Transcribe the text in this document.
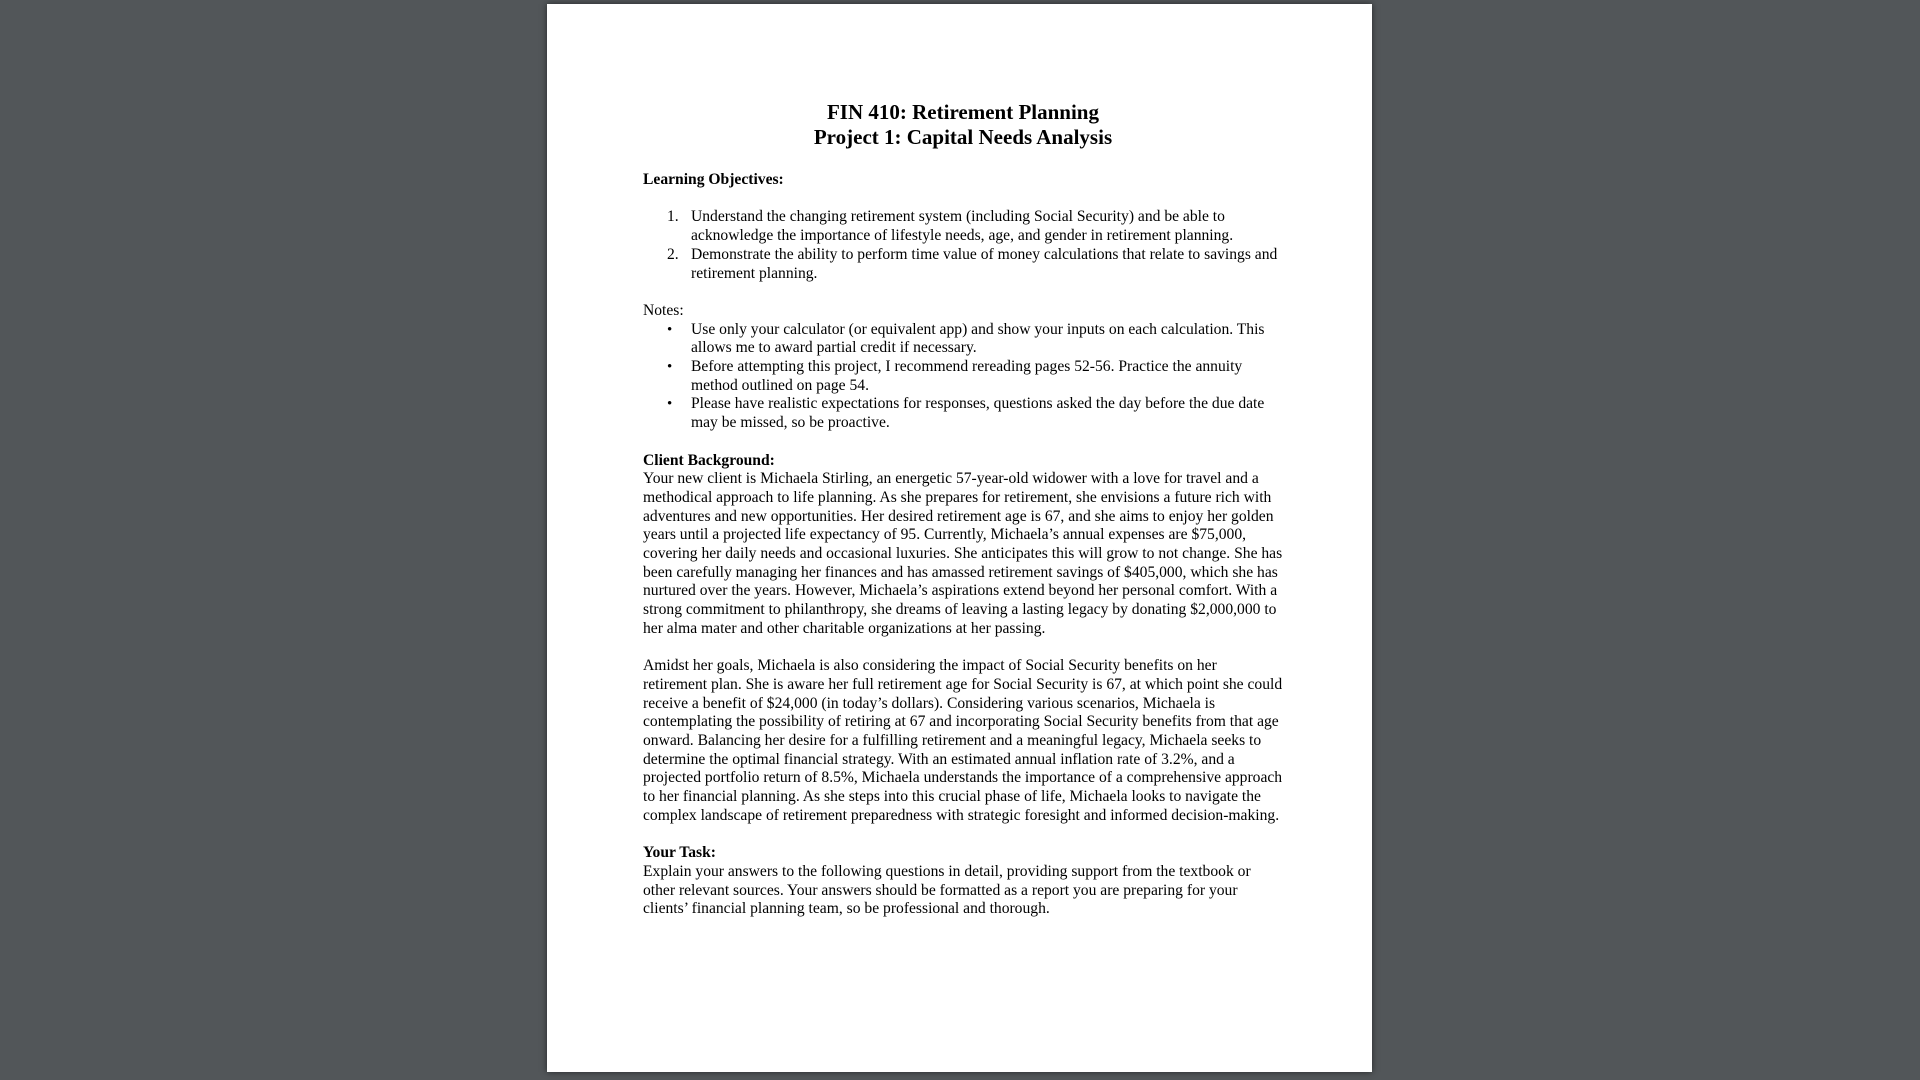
FIN 410: Retirement Planning

Project 1: Capital Needs Analysis

Learning Objectives:

1. Understand the changing retirement system (including Social Security) and be able to acknowledge the importance of lifestyle needs, age, and gender in retirement planning.
2. Demonstrate the ability to perform time value of money calculations that relate to savings and retirement planning.

Notes:

• Use only your calculator (or equivalent app) and show your inputs on each calculation. This allows me to award partial credit if necessary.
• Before attempting this project, I recommend rereading pages 52-56. Practice the annuity method outlined on page 54.
• Please have realistic expectations for responses, questions asked the day before the due date may be missed, so be proactive.

Client Background:

Your new client is Michaela Stirling, an energetic 57-year-old widower with a love for travel and a methodical approach to life planning. As she prepares for retirement, she envisions a future rich with adventures and new opportunities. Her desired retirement age is 67, and she aims to enjoy her golden years until a projected life expectancy of 95. Currently, Michaela’s annual expenses are $75,000, covering her daily needs and occasional luxuries. She anticipates this will grow to not change. She has been carefully managing her finances and has amassed retirement savings of $405,000, which she has nurtured over the years. However, Michaela’s aspirations extend beyond her personal comfort. With a strong commitment to philanthropy, she dreams of leaving a lasting legacy by donating $2,000,000 to her alma mater and other charitable organizations at her passing.

Amidst her goals, Michaela is also considering the impact of Social Security benefits on her retirement plan. She is aware her full retirement age for Social Security is 67, at which point she could receive a benefit of $24,000 (in today’s dollars). Considering various scenarios, Michaela is contemplating the possibility of retiring at 67 and incorporating Social Security benefits from that age onward. Balancing her desire for a fulfilling retirement and a meaningful legacy, Michaela seeks to determine the optimal financial strategy. With an estimated annual inflation rate of 3.2%, and a projected portfolio return of 8.5%, Michaela understands the importance of a comprehensive approach to her financial planning. As she steps into this crucial phase of life, Michaela looks to navigate the complex landscape of retirement preparedness with strategic foresight and informed decision-making.

Your Task:

Explain your answers to the following questions in detail, providing support from the textbook or other relevant sources. Your answers should be formatted as a report you are preparing for your clients’ financial planning team, so be professional and thorough.
